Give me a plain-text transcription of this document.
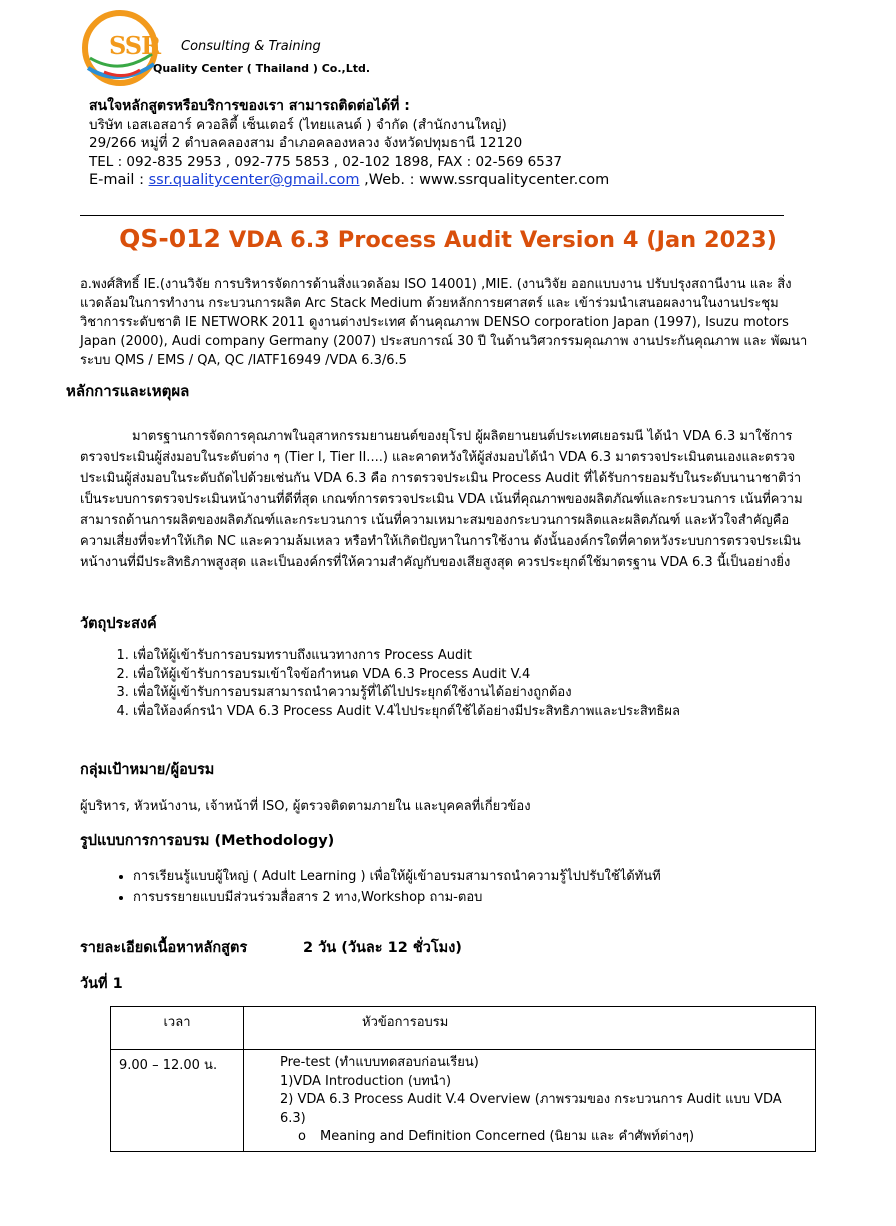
SSR Consulting & Training
Quality Center ( Thailand ) Co.,Ltd.
สนใจหลักสูตรหรือบริการของเรา สามารถติดต่อได้ที่ :
บริษัท เอสเอสอาร์ ควอลิตี้ เซ็นเตอร์ (ไทยแลนด์ ) จำกัด (สำนักงานใหญ่)
29/266 หมู่ที่ 2 ตำบลคลองสาม อำเภอคลองหลวง จังหวัดปทุมธานี 12120
TEL : 092-835 2953 , 092-775 5853 , 02-102 1898, FAX : 02-569 6537
E-mail : ssr.qualitycenter@gmail.com ,Web. : www.ssrqualitycenter.com
QS-012 VDA 6.3 Process Audit Version 4 (Jan 2023)
อ.พงศ์สิทธิ์ IE.(งานวิจัย การบริหารจัดการด้านสิ่งแวดล้อม ISO 14001) ,MIE. (งานวิจัย ออกแบบงาน ปรับปรุงสถานีงาน และ สิ่งแวดล้อมในการทำงาน กระบวนการผลิต Arc Stack Medium ด้วยหลักการยศาสตร์ และ เข้าร่วมนำเสนอผลงานในงานประชุมวิชาการระดับชาติ IE NETWORK 2011 ดูงานต่างประเทศ ด้านคุณภาพ DENSO corporation Japan (1997), Isuzu motors Japan (2000), Audi company Germany (2007) ประสบการณ์ 30 ปี ในด้านวิศวกรรมคุณภาพ งานประกันคุณภาพ และ พัฒนาระบบ QMS / EMS / QA, QC /IATF16949 /VDA 6.3/6.5
หลักการและเหตุผล
มาตรฐานการจัดการคุณภาพในอุสาหกรรมยานยนต์ของยุโรป ผู้ผลิตยานยนต์ประเทศเยอรมนี ได้นำ VDA 6.3 มาใช้การตรวจประเมินผู้ส่งมอบในระดับต่าง ๆ (Tier I, Tier II....) และคาดหวังให้ผู้ส่งมอบได้นำ VDA 6.3 มาตรวจประเมินตนเองและตรวจประเมินผู้ส่งมอบในระดับถัดไปด้วยเช่นกัน VDA 6.3 คือ การตรวจประเมิน Process Audit ที่ได้รับการยอมรับในระดับนานาชาติว่าเป็นระบบการตรวจประเมินหน้างานที่ดีที่สุด เกณฑ์การตรวจประเมิน VDA เน้นที่คุณภาพของผลิตภัณฑ์และกระบวนการ เน้นที่ความสามารถด้านการผลิตของผลิตภัณฑ์และกระบวนการ เน้นที่ความเหมาะสมของกระบวนการผลิตและผลิตภัณฑ์ และหัวใจสำคัญคือความเสี่ยงที่จะทำให้เกิด NC และความล้มเหลว หรือทำให้เกิดปัญหาในการใช้งาน ดังนั้นองค์กรใดที่คาดหวังระบบการตรวจประเมินหน้างานที่มีประสิทธิภาพสูงสุด และเป็นองค์กรที่ให้ความสำคัญกับของเสียสูงสุด ควรประยุกต์ใช้มาตรฐาน VDA 6.3 นี้เป็นอย่างยิ่ง
วัตถุประสงค์
1. เพื่อให้ผู้เข้ารับการอบรมทราบถึงแนวทางการ Process Audit
2. เพื่อให้ผู้เข้ารับการอบรมเข้าใจข้อกำหนด VDA 6.3 Process Audit V.4
3. เพื่อให้ผู้เข้ารับการอบรมสามารถนำความรู้ที่ได้ไปประยุกต์ใช้งานได้อย่างถูกต้อง
4. เพื่อให้องค์กรนำ VDA 6.3 Process Audit V.4ไปประยุกต์ใช้ได้อย่างมีประสิทธิภาพและประสิทธิผล
กลุ่มเป้าหมาย/ผู้อบรม
ผู้บริหาร, หัวหน้างาน, เจ้าหน้าที่ ISO, ผู้ตรวจติดตามภายใน และบุคคลที่เกี่ยวข้อง
รูปแบบการการอบรม (Methodology)
• การเรียนรู้แบบผู้ใหญ่ ( Adult Learning ) เพื่อให้ผู้เข้าอบรมสามารถนำความรู้ไปปรับใช้ได้ทันที
• การบรรยายแบบมีส่วนร่วมสื่อสาร 2 ทาง,Workshop ถาม-ตอบ
รายละเอียดเนื้อหาหลักสูตร	2 วัน (วันละ 12 ชั่วโมง)
วันที่ 1
เวลา	หัวข้อการอบรม
9.00 – 12.00 น.	Pre-test (ทำแบบทดสอบก่อนเรียน)
1)VDA Introduction (บทนำ)
2) VDA 6.3 Process Audit V.4 Overview (ภาพรวมของ กระบวนการ Audit แบบ VDA 6.3)
o Meaning and Definition Concerned (นิยาม และ คำศัพท์ต่างๆ)
